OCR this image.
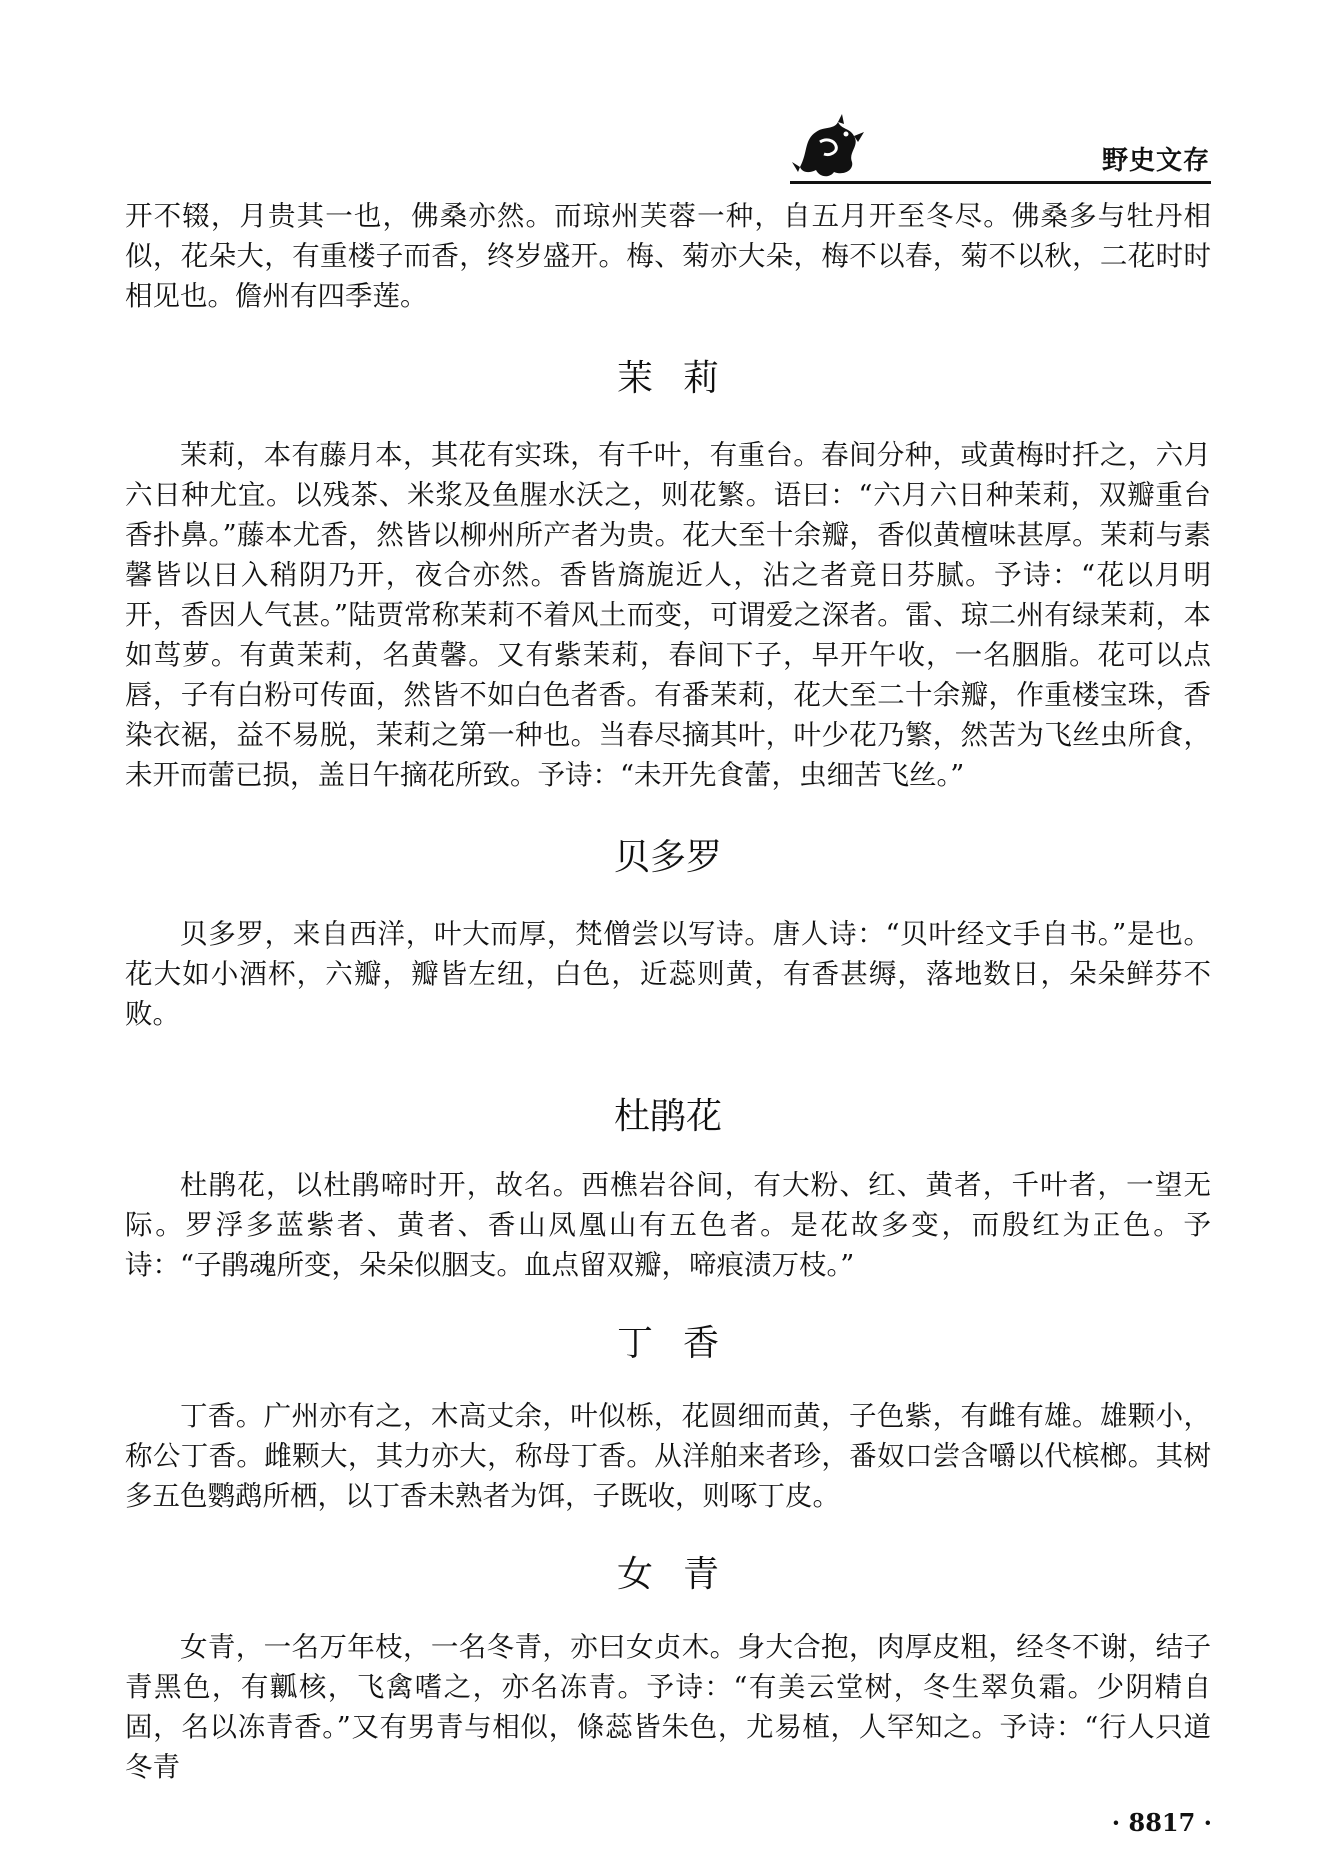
野史文存

开不辍，月贵其一也，佛桑亦然。而琼州芙蓉一种，自五月开至冬尽。佛桑多与牡丹相似，花朵大，有重楼子而香，终岁盛开。梅、菊亦大朵，梅不以春，菊不以秋，二花时时相见也。儋州有四季莲。

茉莉

茉莉，本有藤月本，其花有实珠，有千叶，有重台。春间分种，或黄梅时扦之，六月六日种尤宜。以残茶、米浆及鱼腥水沃之，则花繁。语曰：“六月六日种茉莉，双瓣重台香扑鼻。”藤本尤香，然皆以柳州所产者为贵。花大至十余瓣，香似黄檀味甚厚。茉莉与素馨皆以日入稍阴乃开，夜合亦然。香皆旖旎近人，沾之者竟日芬腻。予诗：“花以月明开，香因人气甚。”陆贾常称茉莉不着风土而变，可谓爱之深者。雷、琼二州有绿茉莉，本如茑萝。有黄茉莉，名黄馨。又有紫茉莉，春间下子，早开午收，一名胭脂。花可以点唇，子有白粉可传面，然皆不如白色者香。有番茉莉，花大至二十余瓣，作重楼宝珠，香染衣裾，益不易脱，茉莉之第一种也。当春尽摘其叶，叶少花乃繁，然苦为飞丝虫所食，未开而蕾已损，盖日午摘花所致。予诗：“未开先食蕾，虫细苦飞丝。”

贝多罗

贝多罗，来自西洋，叶大而厚，梵僧尝以写诗。唐人诗：“贝叶经文手自书。”是也。花大如小酒杯，六瓣，瓣皆左纽，白色，近蕊则黄，有香甚缛，落地数日，朵朵鲜芬不败。

杜鹃花

杜鹃花，以杜鹃啼时开，故名。西樵岩谷间，有大粉、红、黄者，千叶者，一望无际。罗浮多蓝紫者、黄者、香山凤凰山有五色者。是花故多变，而殷红为正色。予诗：“子鹃魂所变，朵朵似胭支。血点留双瓣，啼痕渍万枝。”

丁香

丁香。广州亦有之，木高丈余，叶似栎，花圆细而黄，子色紫，有雌有雄。雄颗小，称公丁香。雌颗大，其力亦大，称母丁香。从洋舶来者珍，番奴口尝含嚼以代槟榔。其树多五色鹦鹉所栖，以丁香未熟者为饵，子既收，则啄丁皮。

女青

女青，一名万年枝，一名冬青，亦曰女贞木。身大合抱，肉厚皮粗，经冬不谢，结子青黑色，有瓤核，飞禽嗜之，亦名冻青。予诗：“有美云堂树，冬生翠负霜。少阴精自固，名以冻青香。”又有男青与相似，條蕊皆朱色，尤易植，人罕知之。予诗：“行人只道冬青

· 8817 ·
